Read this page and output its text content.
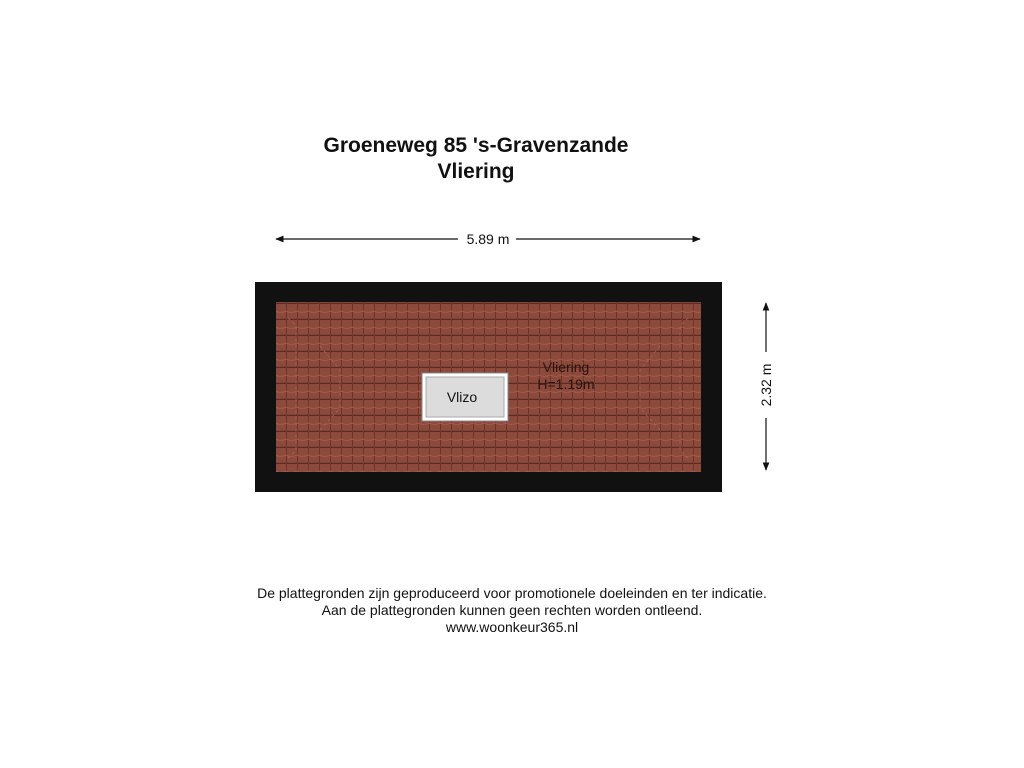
Groeneweg 85 's-Gravenzande
Vliering
5.89 m
2.32 m
Vliering
H=1.19m
Vlizo
De plattegronden zijn geproduceerd voor promotionele doeleinden en ter indicatie.
Aan de plattegronden kunnen geen rechten worden ontleend.
www.woonkeur365.nl
